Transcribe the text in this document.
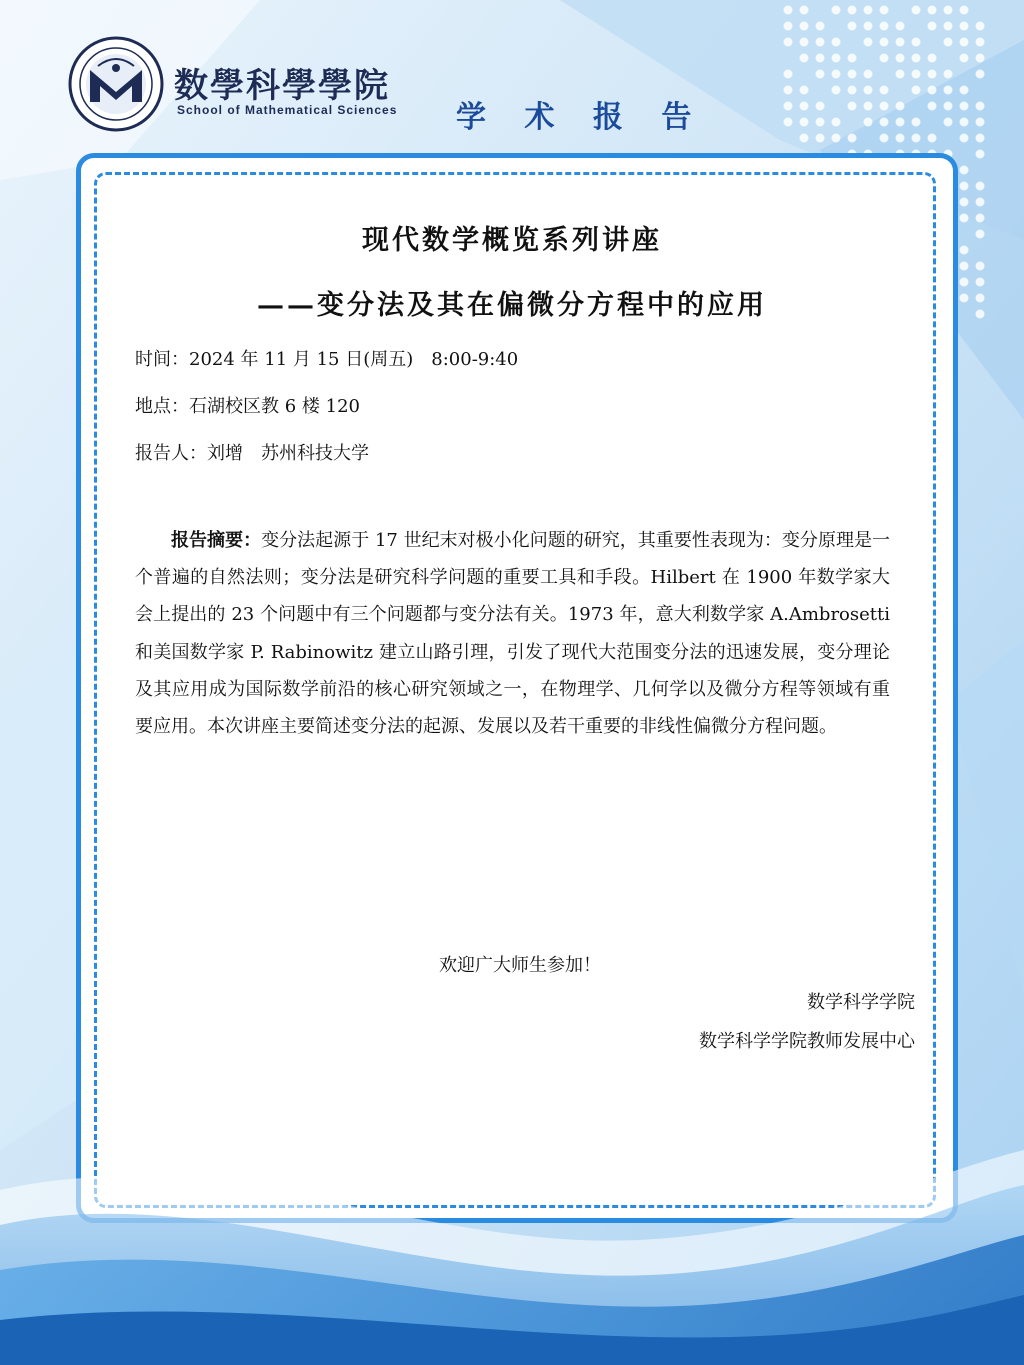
数學科學學院
School of Mathematical Sciences 学 术 报 告
现代数学概览系列讲座
——变分法及其在偏微分方程中的应用
时间：2024 年 11 月 15 日(周五)　8:00-9:40
地点：石湖校区教 6 楼 120
报告人：刘增　苏州科技大学
报告摘要：变分法起源于 17 世纪末对极小化问题的研究，其重要性表现为：变分原理是一个普遍的自然法则；变分法是研究科学问题的重要工具和手段。Hilbert 在 1900 年数学家大会上提出的 23 个问题中有三个问题都与变分法有关。1973 年，意大利数学家 A.Ambrosetti 和美国数学家 P. Rabinowitz 建立山路引理，引发了现代大范围变分法的迅速发展，变分理论及其应用成为国际数学前沿的核心研究领域之一，在物理学、几何学以及微分方程等领域有重要应用。本次讲座主要简述变分法的起源、发展以及若干重要的非线性偏微分方程问题。
欢迎广大师生参加！
数学科学学院
数学科学学院教师发展中心
